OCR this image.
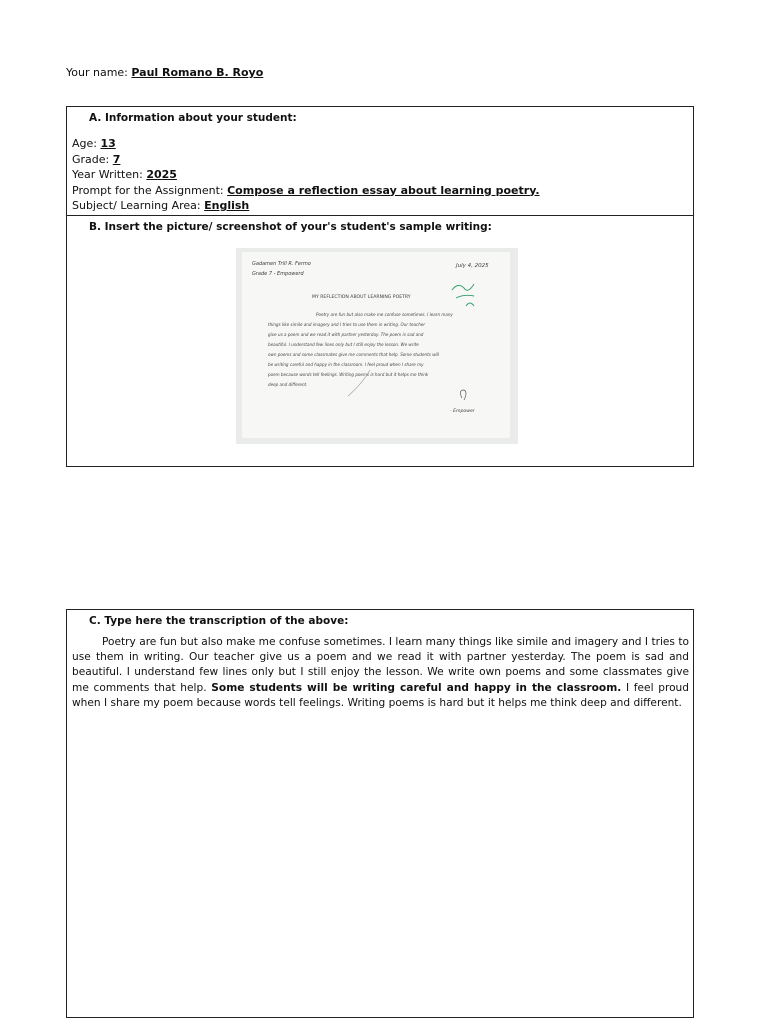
Your name: Paul Romano B. Royo
A. Information about your student:
Age: 13
Grade: 7
Year Written: 2025
Prompt for the Assignment: Compose a reflection essay about learning poetry.
Subject/ Learning Area: English
B. Insert the picture/ screenshot of your's student's sample writing:
Gadamen Trill R. Fermo
Grade 7 - Empowerd
July 4, 2025
MY REFLECTION ABOUT LEARNING POETRY
Poetry are fun but also make me confuse sometimes. I learn many
things like simile and imagery and I tries to use them in writing. Our teacher
give us a poem and we read it with partner yesterday. The poem is sad and
beautiful. I understand few lines only but I still enjoy the lesson. We write
own poems and some classmates give me comments that help. Some students will
be writing careful and happy in the classroom. I feel proud when I share my
poem because words tell feelings. Writing poems is hard but it helps me think
deep and different.
- Empower
C. Type here the transcription of the above:
Poetry are fun but also make me confuse sometimes. I learn many things like simile and imagery and I tries to use them in writing. Our teacher give us a poem and we read it with partner yesterday. The poem is sad and beautiful. I understand few lines only but I still enjoy the lesson. We write own poems and some classmates give me comments that help. Some students will be writing careful and happy in the classroom. I feel proud when I share my poem because words tell feelings. Writing poems is hard but it helps me think deep and different.
